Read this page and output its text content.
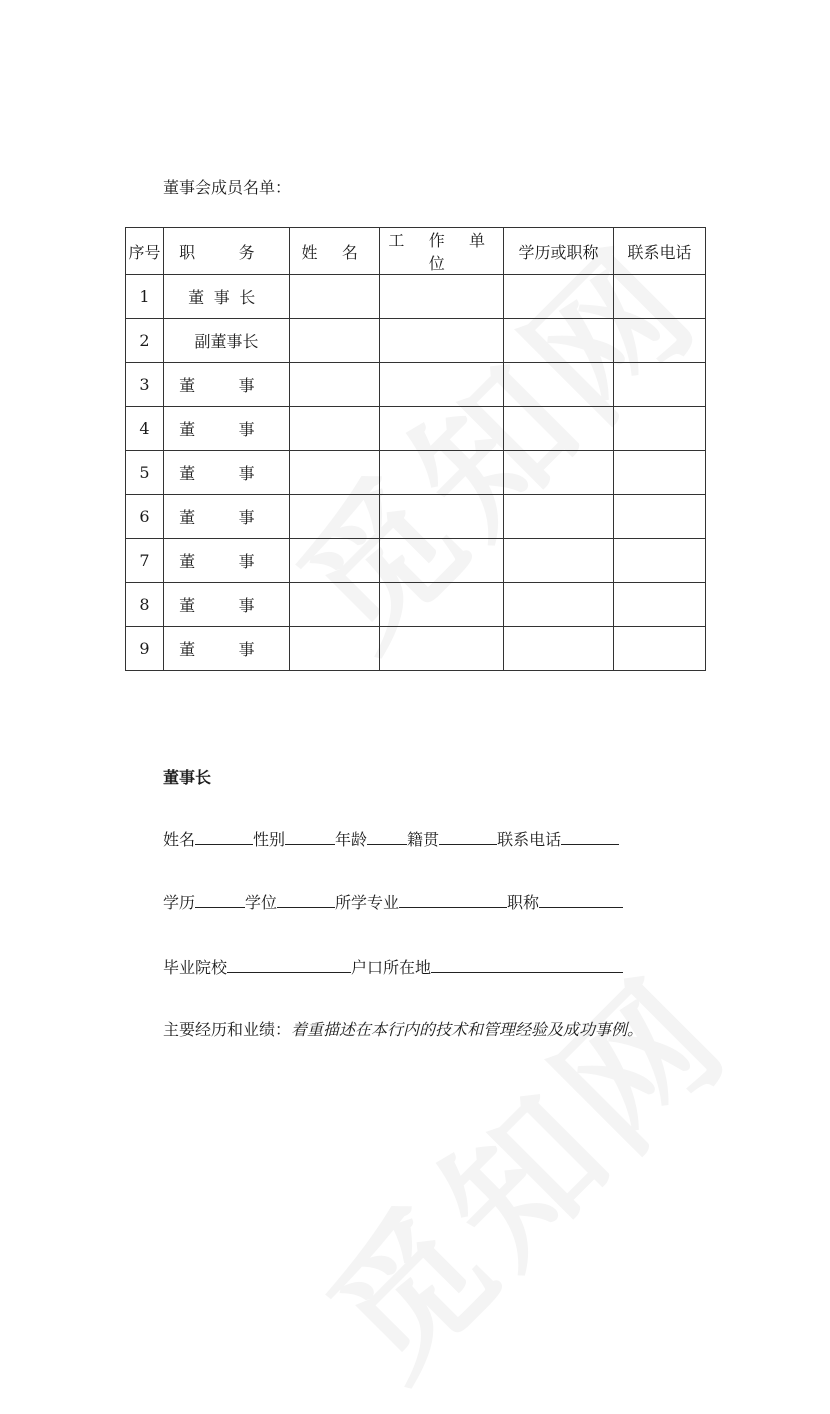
董事会成员名单：
序号	职 务	姓 名	工 作 单 位	学历或职称	联系电话
1	董事长				
2	副董事长				
3	董 事				
4	董 事				
5	董 事				
6	董 事				
7	董 事				
8	董 事				
9	董 事				
董事长
姓名	性别	年龄	籍贯	联系电话
学历	学位	所学专业	职称
毕业院校	户口所在地
主要经历和业绩：着重描述在本行内的技术和管理经验及成功事例。
